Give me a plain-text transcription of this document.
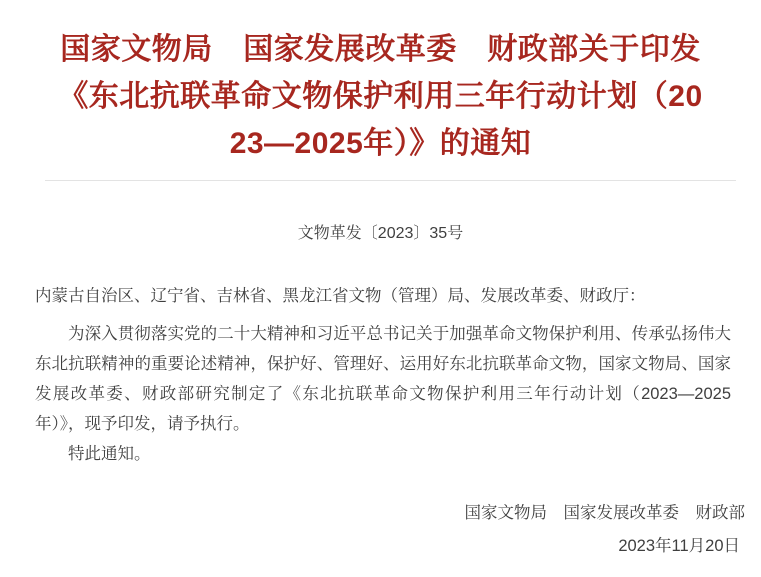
国家文物局　国家发展改革委　财政部关于印发
《东北抗联革命文物保护利用三年行动计划（20
23—2025年）》的通知
文物革发〔2023〕35号
内蒙古自治区、辽宁省、吉林省、黑龙江省文物（管理）局、发展改革委、财政厅：
为深入贯彻落实党的二十大精神和习近平总书记关于加强革命文物保护利用、传承弘扬伟大东北抗联精神的重要论述精神，保护好、管理好、运用好东北抗联革命文物，国家文物局、国家发展改革委、财政部研究制定了《东北抗联革命文物保护利用三年行动计划（2023—2025年）》，现予印发，请予执行。
特此通知。
国家文物局　国家发展改革委　财政部
2023年11月20日
